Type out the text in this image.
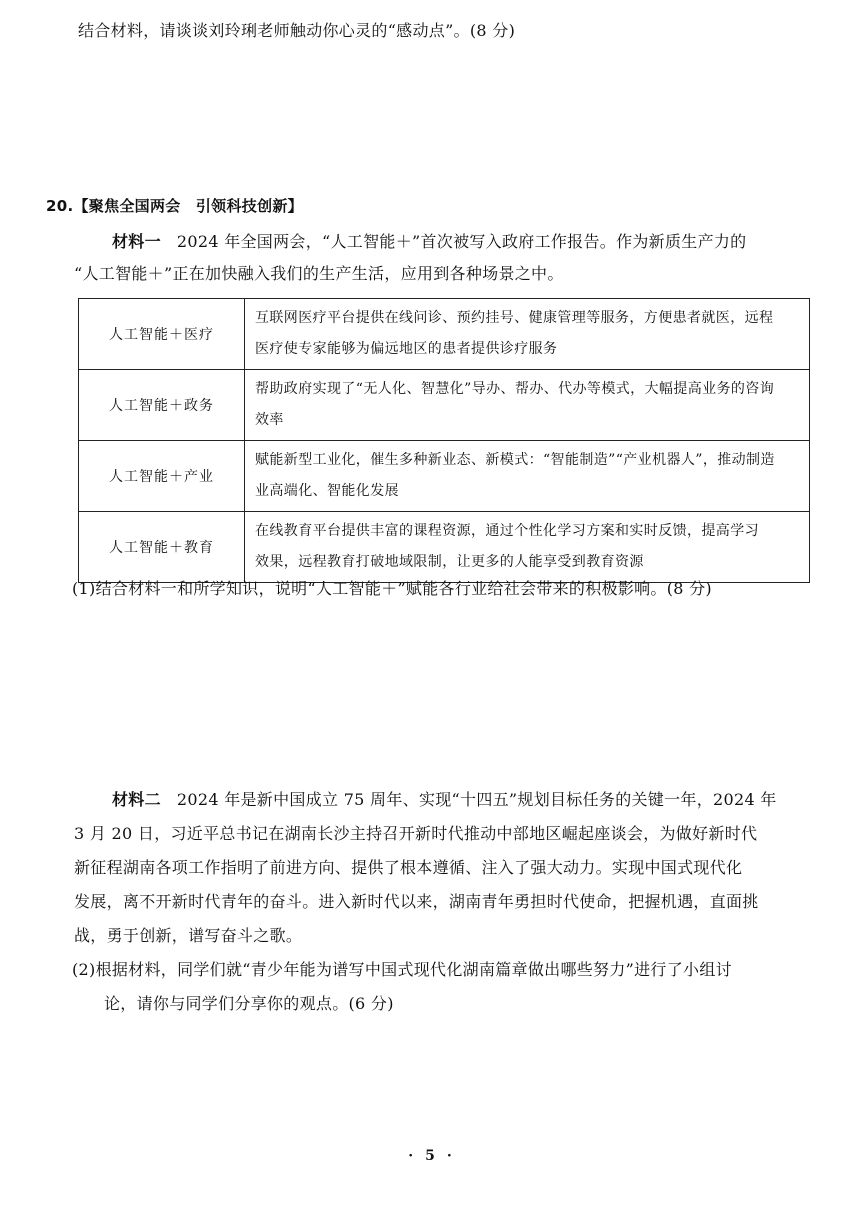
结合材料，请谈谈刘玲琍老师触动你心灵的“感动点”。(8 分)
20.【聚焦全国两会　引领科技创新】
材料一 2024 年全国两会，“人工智能＋”首次被写入政府工作报告。作为新质生产力的
“人工智能＋”正在加快融入我们的生产生活，应用到各种场景之中。
人工智能＋医疗	互联网医疗平台提供在线问诊、预约挂号、健康管理等服务，方便患者就医，远程
医疗使专家能够为偏远地区的患者提供诊疗服务

人工智能＋政务	帮助政府实现了“无人化、智慧化”导办、帮办、代办等模式，大幅提高业务的咨询
效率

人工智能＋产业	赋能新型工业化，催生多种新业态、新模式：“智能制造”“产业机器人”，推动制造
业高端化、智能化发展

人工智能＋教育	在线教育平台提供丰富的课程资源，通过个性化学习方案和实时反馈，提高学习
效果，远程教育打破地域限制，让更多的人能享受到教育资源
(1)结合材料一和所学知识，说明“人工智能＋”赋能各行业给社会带来的积极影响。(8 分)
材料二 2024 年是新中国成立 75 周年、实现“十四五”规划目标任务的关键一年，2024 年
3 月 20 日，习近平总书记在湖南长沙主持召开新时代推动中部地区崛起座谈会，为做好新时代
新征程湖南各项工作指明了前进方向、提供了根本遵循、注入了强大动力。实现中国式现代化
发展，离不开新时代青年的奋斗。进入新时代以来，湖南青年勇担时代使命，把握机遇，直面挑
战，勇于创新，谱写奋斗之歌。
(2)根据材料，同学们就“青少年能为谱写中国式现代化湖南篇章做出哪些努力”进行了小组讨
论，请你与同学们分享你的观点。(6 分)
· 5 ·
